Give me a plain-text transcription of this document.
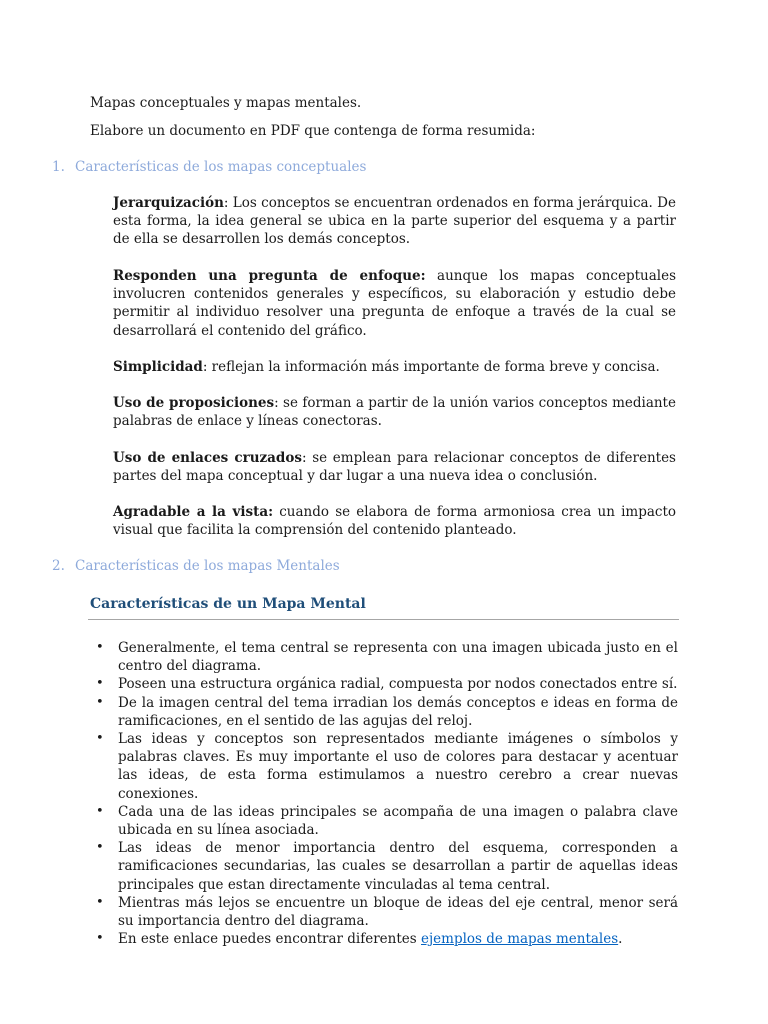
Mapas conceptuales y mapas mentales.

Elabore un documento en PDF que contenga de forma resumida:

1. Características de los mapas conceptuales

Jerarquización: Los conceptos se encuentran ordenados en forma jerárquica. De esta forma, la idea general se ubica en la parte superior del esquema y a partir de ella se desarrollen los demás conceptos.

Responden una pregunta de enfoque: aunque los mapas conceptuales involucren contenidos generales y específicos, su elaboración y estudio debe permitir al individuo resolver una pregunta de enfoque a través de la cual se desarrollará el contenido del gráfico.

Simplicidad: reflejan la información más importante de forma breve y concisa.

Uso de proposiciones: se forman a partir de la unión varios conceptos mediante palabras de enlace y líneas conectoras.

Uso de enlaces cruzados: se emplean para relacionar conceptos de diferentes partes del mapa conceptual y dar lugar a una nueva idea o conclusión.

Agradable a la vista: cuando se elabora de forma armoniosa crea un impacto visual que facilita la comprensión del contenido planteado.

2. Características de los mapas Mentales

Características de un Mapa Mental

• Generalmente, el tema central se representa con una imagen ubicada justo en el centro del diagrama.
• Poseen una estructura orgánica radial, compuesta por nodos conectados entre sí.
• De la imagen central del tema irradian los demás conceptos e ideas en forma de ramificaciones, en el sentido de las agujas del reloj.
• Las ideas y conceptos son representados mediante imágenes o símbolos y palabras claves. Es muy importante el uso de colores para destacar y acentuar las ideas, de esta forma estimulamos a nuestro cerebro a crear nuevas conexiones.
• Cada una de las ideas principales se acompaña de una imagen o palabra clave ubicada en su línea asociada.
• Las ideas de menor importancia dentro del esquema, corresponden a ramificaciones secundarias, las cuales se desarrollan a partir de aquellas ideas principales que estan directamente vinculadas al tema central.
• Mientras más lejos se encuentre un bloque de ideas del eje central, menor será su importancia dentro del diagrama.
• En este enlace puedes encontrar diferentes ejemplos de mapas mentales.
